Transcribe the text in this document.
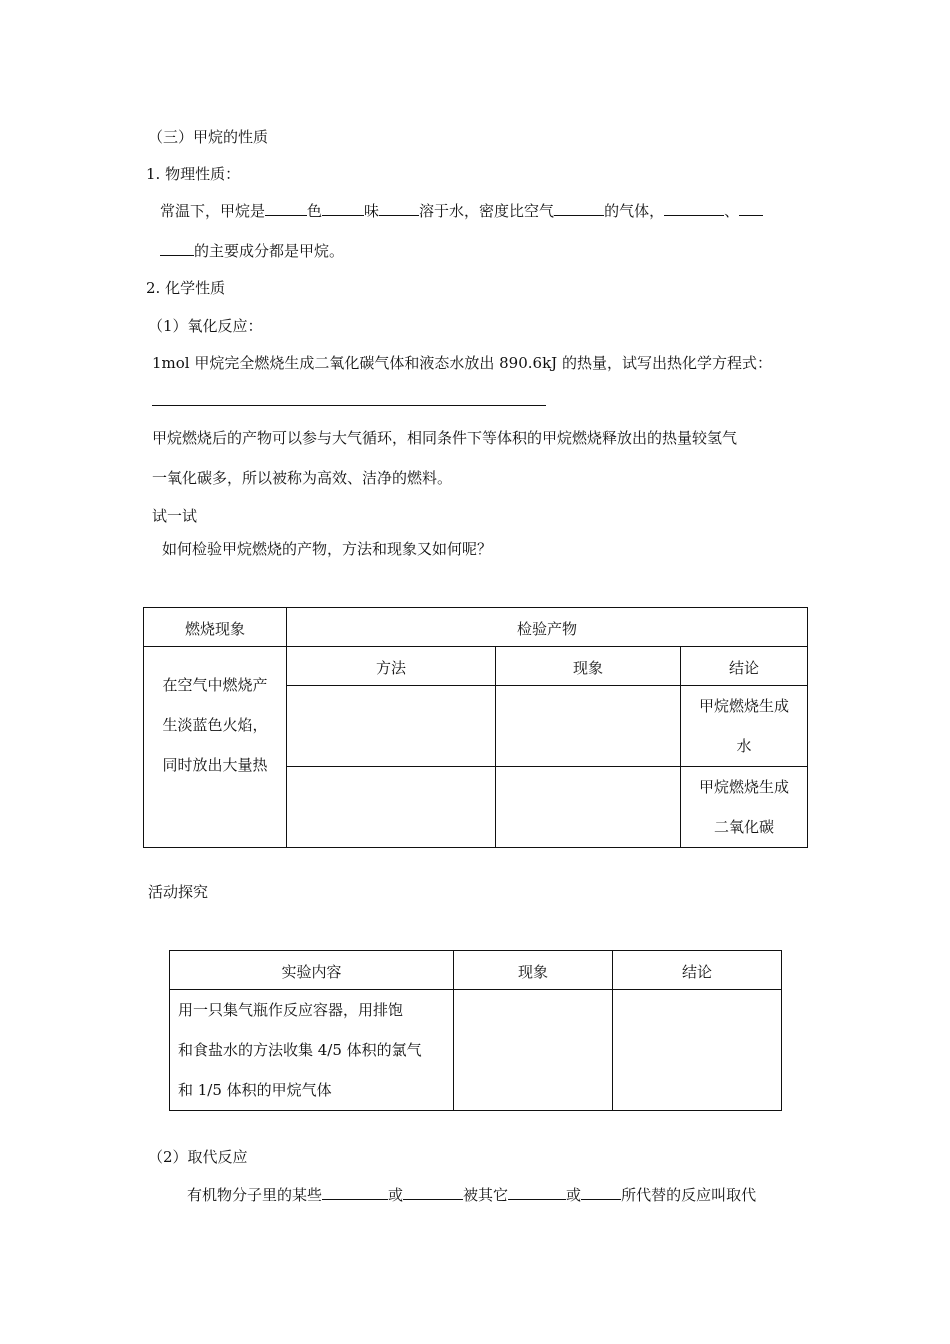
（三）甲烷的性质
1. 物理性质：
常温下，甲烷是	色	味	溶于水，密度比空气	的气体，	、
的主要成分都是甲烷。
2. 化学性质
（1）氧化反应：
1mol 甲烷完全燃烧生成二氧化碳气体和液态水放出 890.6kJ 的热量，试写出热化学方程式：
甲烷燃烧后的产物可以参与大气循环，相同条件下等体积的甲烷燃烧释放出的热量较氢气
一氧化碳多，所以被称为高效、洁净的燃料。
试一试
如何检验甲烷燃烧的产物，方法和现象又如何呢？
燃烧现象	检验产物		

在空气中燃烧产
生淡蓝色火焰，
同时放出大量热	方法	现象	结论

			甲烷燃烧生成
水

			甲烷燃烧生成
二氧化碳
活动探究
实验内容	现象	结论

用一只集气瓶作反应容器，用排饱
和食盐水的方法收集 4/5 体积的氯气
和 1/5 体积的甲烷气体		

（2）取代反应
有机物分子里的某些	或	被其它	或	所代替的反应叫取代
